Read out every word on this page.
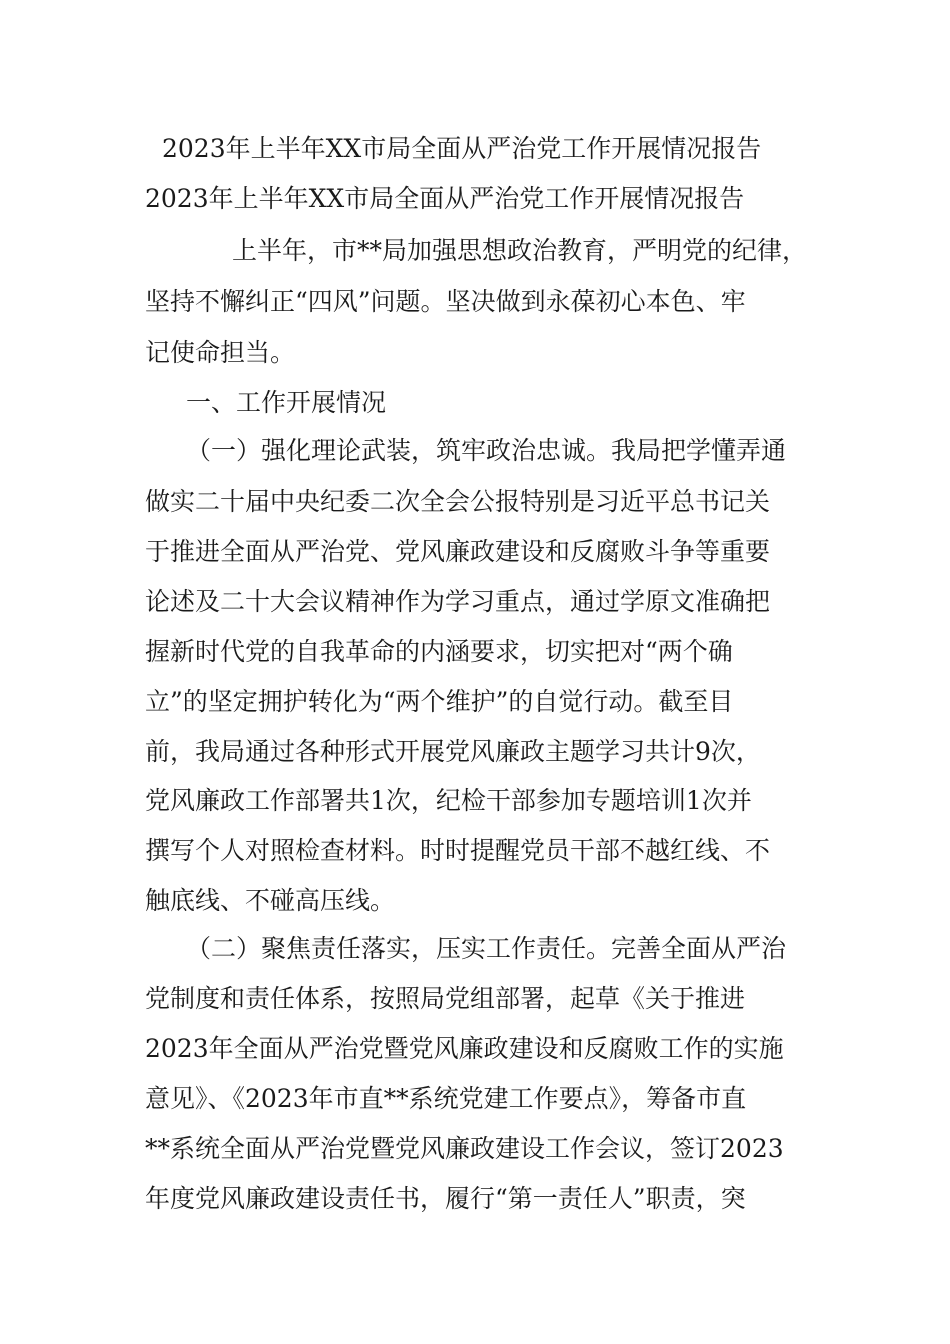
2023年上半年XX市局全面从严治党工作开展情况报告
2023年上半年XX市局全面从严治党工作开展情况报告
上半年，市**局加强思想政治教育，严明党的纪律，
坚持不懈纠正“四风”问题。坚决做到永葆初心本色、牢
记使命担当。
一、工作开展情况
（一）强化理论武装，筑牢政治忠诚。我局把学懂弄通
做实二十届中央纪委二次全会公报特别是习近平总书记关
于推进全面从严治党、党风廉政建设和反腐败斗争等重要
论述及二十大会议精神作为学习重点，通过学原文准确把
握新时代党的自我革命的内涵要求，切实把对“两个确
立”的坚定拥护转化为“两个维护”的自觉行动。截至目
前，我局通过各种形式开展党风廉政主题学习共计9次，
党风廉政工作部署共1次，纪检干部参加专题培训1次并
撰写个人对照检查材料。时时提醒党员干部不越红线、不
触底线、不碰高压线。
（二）聚焦责任落实，压实工作责任。完善全面从严治
党制度和责任体系，按照局党组部署，起草《关于推进
2023年全面从严治党暨党风廉政建设和反腐败工作的实施
意见》、《2023年市直**系统党建工作要点》，筹备市直
**系统全面从严治党暨党风廉政建设工作会议，签订2023
年度党风廉政建设责任书，履行“第一责任人”职责，突
